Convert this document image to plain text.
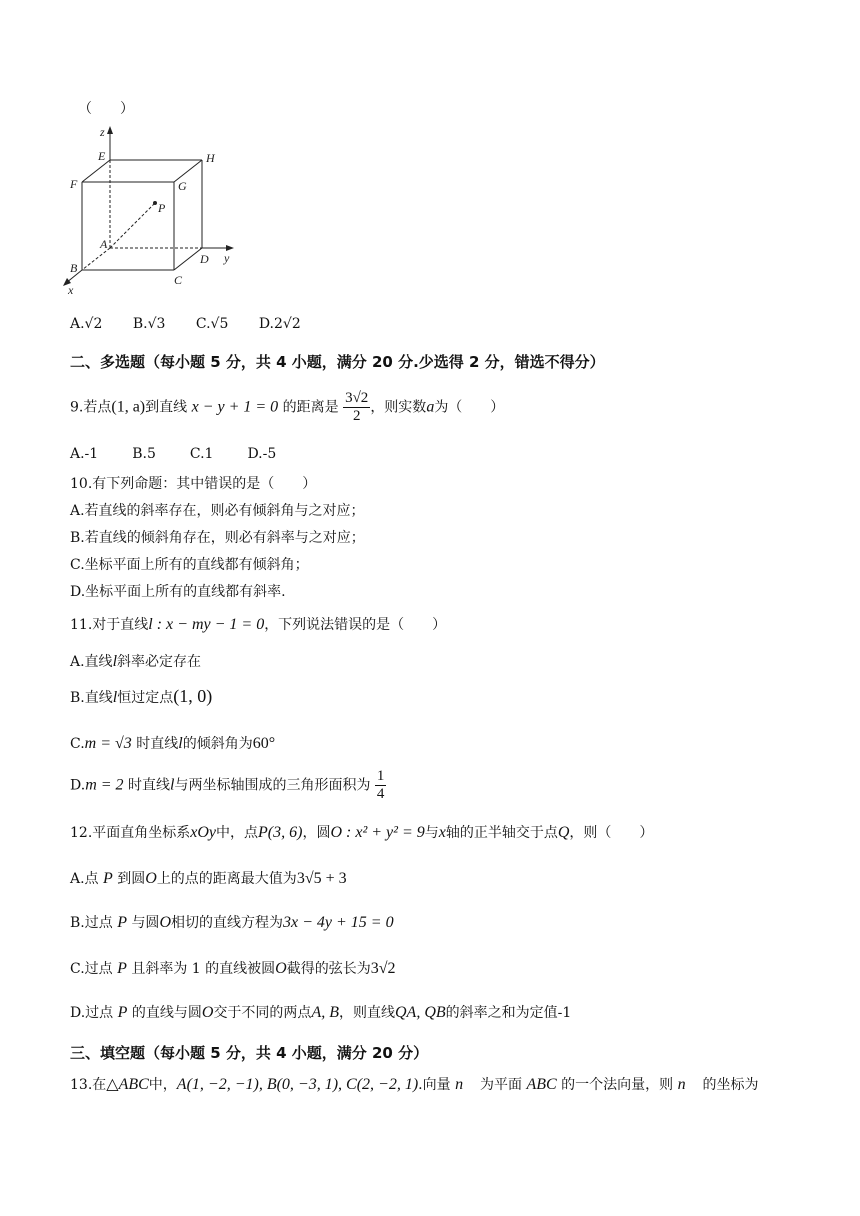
（　　）
z
E	H
F	G
P
A
D y
B
C
x
A.√2 B.√3 C.√5 D.2√2
二、多选题（每小题 5 分，共 4 小题，满分 20 分.少选得 2 分，错选不得分）
9.若点(1, a)到直线 x − y + 1 = 0 的距离是 $\frac{3√2}{2}$ ，则实数a为（　　）
A.-1 B.5 C.1 D.-5
10.有下列命题：其中错误的是（　　）
A.若直线的斜率存在，则必有倾斜角与之对应；
B.若直线的倾斜角存在，则必有斜率与之对应；
C.坐标平面上所有的直线都有倾斜角；
D.坐标平面上所有的直线都有斜率.
11.对于直线l : x − my − 1 = 0，下列说法错误的是（　　）
A.直线l斜率必定存在
B.直线l恒过定点(1, 0)
C.m = √3 时直线l的倾斜角为60°
D.m = 2 时直线l与两坐标轴围成的三角形面积为 $\frac{1}{4}$
12.平面直角坐标系xOy中，点P(3, 6)，圆O : x² + y² = 9与x轴的正半轴交于点Q，则（　　）
A.点 P 到圆O上的点的距离最大值为3√5 + 3
B.过点 P 与圆O相切的直线方程为3x − 4y + 15 = 0
C.过点 P 且斜率为 1 的直线被圆O截得的弦长为3√2
D.过点 P 的直线与圆O交于不同的两点A, B，则直线QA, QB的斜率之和为定值-1
三、填空题（每小题 5 分，共 4 小题，满分 20 分）
13.在△ABC中，A(1, −2, −1), B(0, −3, 1), C(2, −2, 1).向量 n⃗ 为平面 ABC 的一个法向量，则 n⃗ 的坐标为
